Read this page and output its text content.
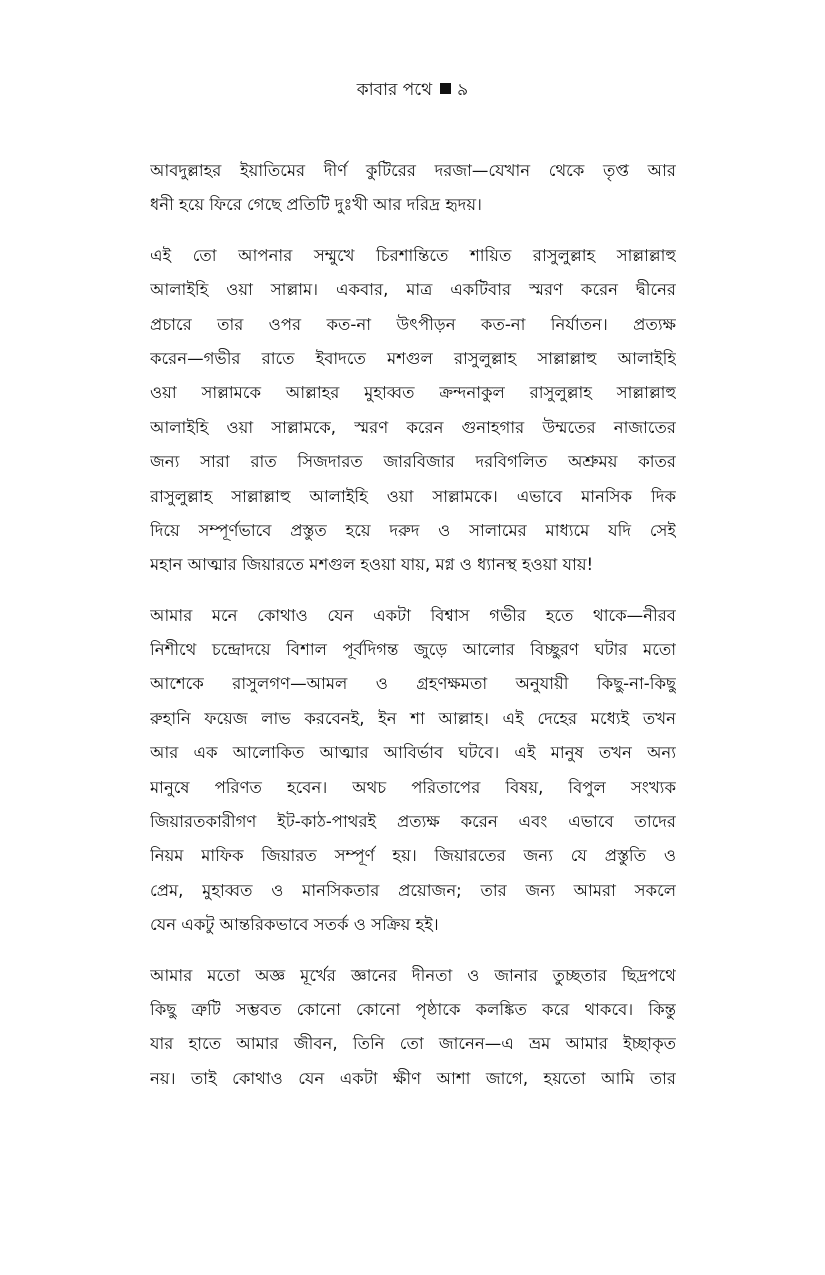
কাবার পথে ৯
আবদুল্লাহর ইয়াতিমের দীর্ণ কুটিরের দরজা—যেখান থেকে তৃপ্ত আর
ধনী হয়ে ফিরে গেছে প্রতিটি দুঃখী আর দরিদ্র হৃদয়।
এই তো আপনার সম্মুখে চিরশান্তিতে শায়িত রাসুলুল্লাহ সাল্লাল্লাহু
আলাইহি ওয়া সাল্লাম। একবার, মাত্র একটিবার স্মরণ করেন দ্বীনের
প্রচারে তার ওপর কত-না উৎপীড়ন কত-না নির্যাতন। প্রত্যক্ষ
করেন—গভীর রাতে ইবাদতে মশগুল রাসুলুল্লাহ সাল্লাল্লাহু আলাইহি
ওয়া সাল্লামকে আল্লাহর মুহাব্বত ক্রন্দনাকুল রাসুলুল্লাহ সাল্লাল্লাহু
আলাইহি ওয়া সাল্লামকে, স্মরণ করেন গুনাহগার উম্মতের নাজাতের
জন্য সারা রাত সিজদারত জারবিজার দরবিগলিত অশ্রুময় কাতর
রাসুলুল্লাহ সাল্লাল্লাহু আলাইহি ওয়া সাল্লামকে। এভাবে মানসিক দিক
দিয়ে সম্পূর্ণভাবে প্রস্তুত হয়ে দরুদ ও সালামের মাধ্যমে যদি সেই
মহান আত্মার জিয়ারতে মশগুল হওয়া যায়, মগ্ন ও ধ্যানস্থ হওয়া যায়!
আমার মনে কোথাও যেন একটা বিশ্বাস গভীর হতে থাকে—নীরব
নিশীথে চন্দ্রোদয়ে বিশাল পূর্বদিগন্ত জুড়ে আলোর বিচ্ছুরণ ঘটার মতো
আশেকে রাসুলগণ—আমল ও গ্রহণক্ষমতা অনুযায়ী কিছু-না-কিছু
রুহানি ফয়েজ লাভ করবেনই, ইন শা আল্লাহ। এই দেহের মধ্যেই তখন
আর এক আলোকিত আত্মার আবির্ভাব ঘটবে। এই মানুষ তখন অন্য
মানুষে পরিণত হবেন। অথচ পরিতাপের বিষয়, বিপুল সংখ্যক
জিয়ারতকারীগণ ইট-কাঠ-পাথরই প্রত্যক্ষ করেন এবং এভাবে তাদের
নিয়ম মাফিক জিয়ারত সম্পূর্ণ হয়। জিয়ারতের জন্য যে প্রস্তুতি ও
প্রেম, মুহাব্বত ও মানসিকতার প্রয়োজন; তার জন্য আমরা সকলে
যেন একটু আন্তরিকভাবে সতর্ক ও সক্রিয় হই।
আমার মতো অজ্ঞ মূর্খের জ্ঞানের দীনতা ও জানার তুচ্ছতার ছিদ্রপথে
কিছু ত্রুটি সম্ভবত কোনো কোনো পৃষ্ঠাকে কলঙ্কিত করে থাকবে। কিন্তু
যার হাতে আমার জীবন, তিনি তো জানেন—এ ভ্রম আমার ইচ্ছাকৃত
নয়। তাই কোথাও যেন একটা ক্ষীণ আশা জাগে, হয়তো আমি তার
